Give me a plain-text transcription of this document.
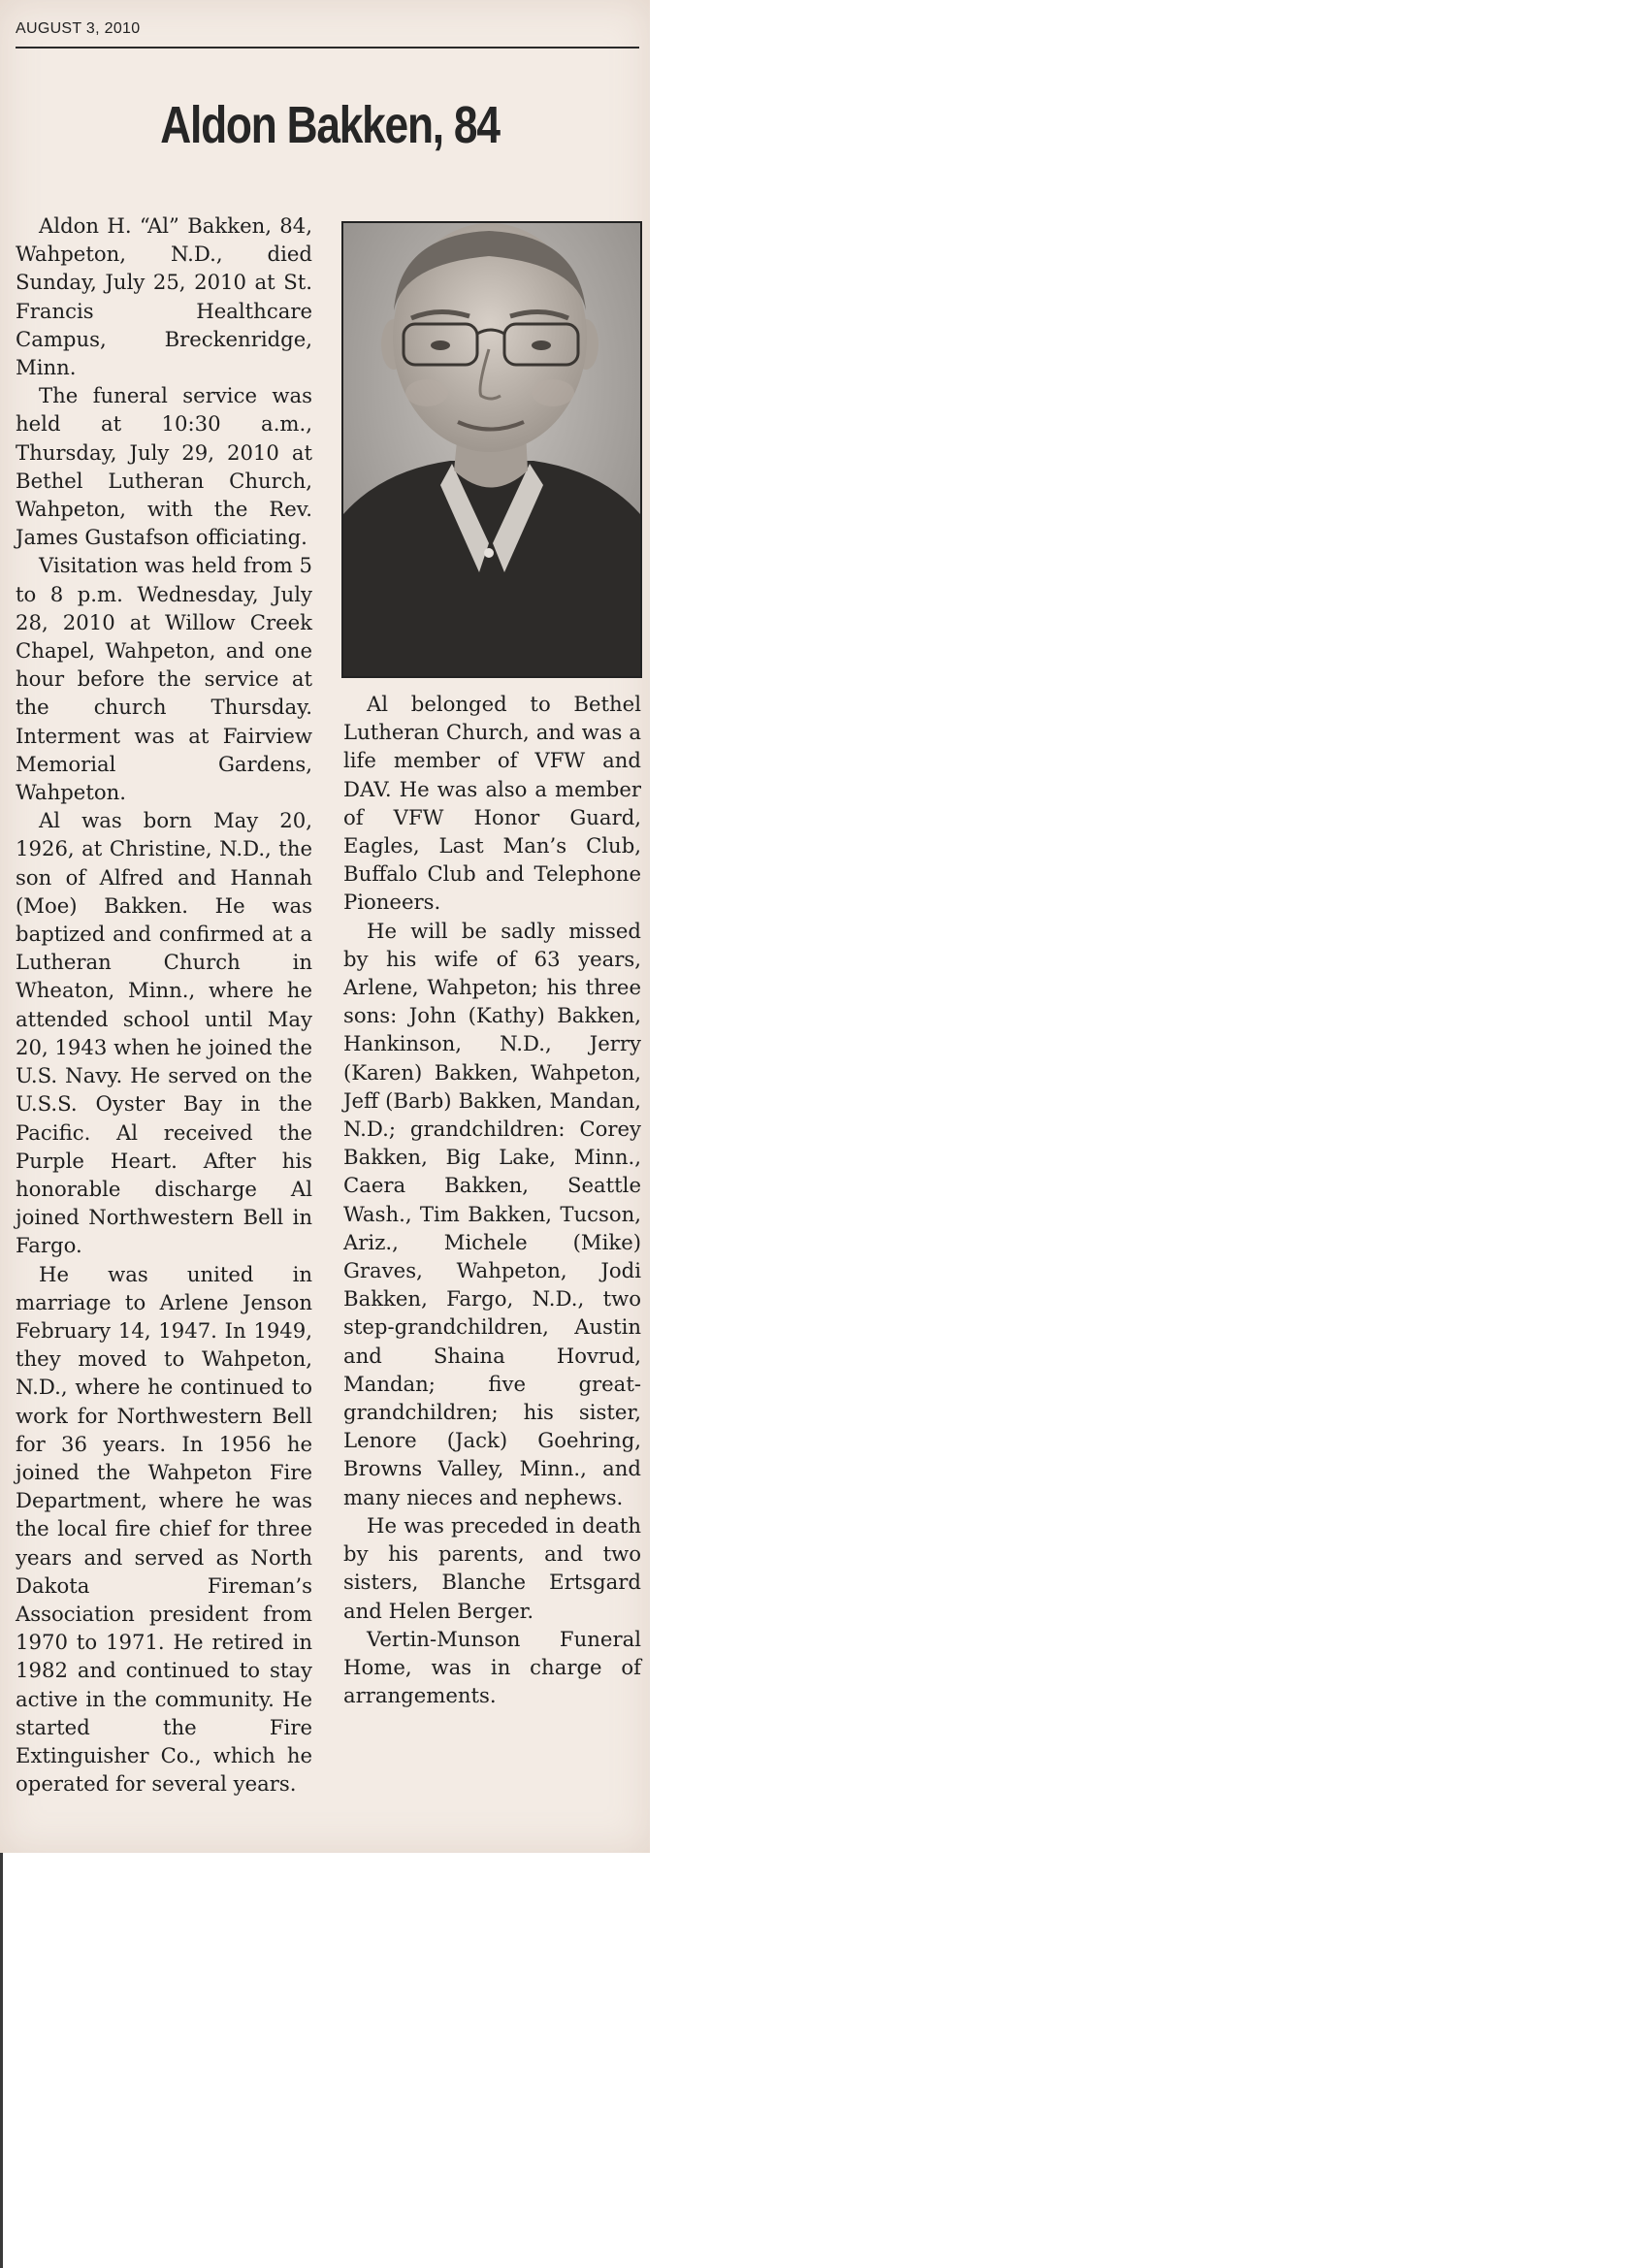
AUGUST 3, 2010
Aldon Bakken, 84

Aldon H. “Al” Bakken, 84, Wahpeton, N.D., died Sunday, July 25, 2010 at St. Francis Healthcare Campus, Breckenridge, Minn.

The funeral service was held at 10:30 a.m., Thursday, July 29, 2010 at Bethel Lutheran Church, Wahpeton, with the Rev. James Gustafson officiating.

Visitation was held from 5 to 8 p.m. Wednesday, July 28, 2010 at Willow Creek Chapel, Wahpeton, and one hour before the service at the church Thursday. Interment was at Fairview Memorial Gardens, Wahpeton.

Al was born May 20, 1926, at Christine, N.D., the son of Alfred and Hannah (Moe) Bakken. He was baptized and confirmed at a Lutheran Church in Wheaton, Minn., where he attended school until May 20, 1943 when he joined the U.S. Navy. He served on the U.S.S. Oyster Bay in the Pacific. Al received the Purple Heart. After his honorable discharge Al joined Northwestern Bell in Fargo.

He was united in marriage to Arlene Jenson February 14, 1947. In 1949, they moved to Wahpeton, N.D., where he continued to work for Northwestern Bell for 36 years. In 1956 he joined the Wahpeton Fire Department, where he was the local fire chief for three years and served as North Dakota Fireman’s Association president from 1970 to 1971. He retired in 1982 and continued to stay active in the community. He started the Fire Extinguisher Co., which he operated for several years.

Al belonged to Bethel Lutheran Church, and was a life member of VFW and DAV. He was also a member of VFW Honor Guard, Eagles, Last Man’s Club, Buffalo Club and Telephone Pioneers.

He will be sadly missed by his wife of 63 years, Arlene, Wahpeton; his three sons: John (Kathy) Bakken, Hankinson, N.D., Jerry (Karen) Bakken, Wahpeton, Jeff (Barb) Bakken, Mandan, N.D.; grandchildren: Corey Bakken, Big Lake, Minn., Caera Bakken, Seattle Wash., Tim Bakken, Tucson, Ariz., Michele (Mike) Graves, Wahpeton, Jodi Bakken, Fargo, N.D., two step-grandchildren, Austin and Shaina Hovrud, Mandan; five great-grandchildren; his sister, Lenore (Jack) Goehring, Browns Valley, Minn., and many nieces and nephews.

He was preceded in death by his parents, and two sisters, Blanche Ertsgard and Helen Berger.

Vertin-Munson Funeral Home, was in charge of arrangements.
